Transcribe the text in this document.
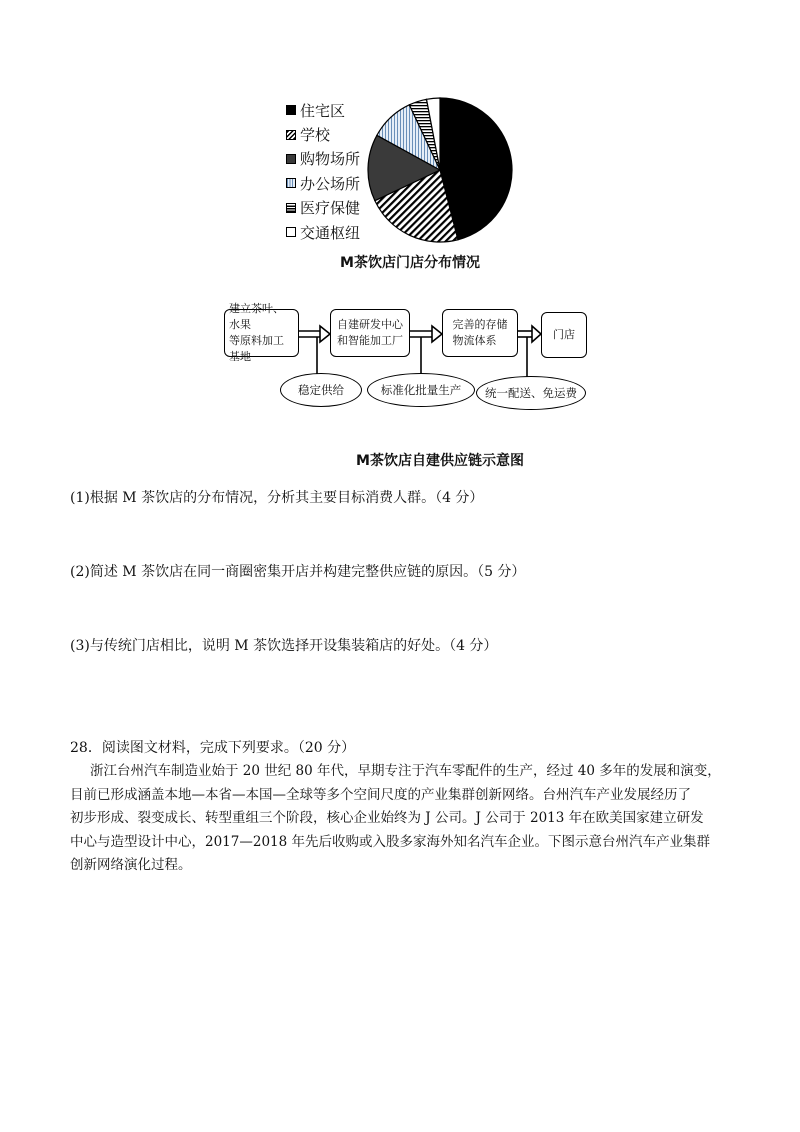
住宅区
学校
购物场所
办公场所
医疗保健
交通枢纽
M茶饮店门店分布情况
建立茶叶、水果
等原料加工基地
自建研发中心
和智能加工厂
完善的存储
物流体系	门店
稳定供给	标准化批量生产 统一配送、免运费
M茶饮店自建供应链示意图
(1)根据 M 茶饮店的分布情况，分析其主要目标消费人群。（4 分）
(2)简述 M 茶饮店在同一商圈密集开店并构建完整供应链的原因。（5 分）
(3)与传统门店相比，说明 M 茶饮选择开设集装箱店的好处。（4 分）
28．阅读图文材料，完成下列要求。（20 分）
浙江台州汽车制造业始于 20 世纪 80 年代，早期专注于汽车零配件的生产，经过 40 多年的发展和演变，
目前已形成涵盖本地—本省—本国—全球等多个空间尺度的产业集群创新网络。台州汽车产业发展经历了
初步形成、裂变成长、转型重组三个阶段，核心企业始终为 J 公司。J 公司于 2013 年在欧美国家建立研发
中心与造型设计中心，2017—2018 年先后收购或入股多家海外知名汽车企业。下图示意台州汽车产业集群
创新网络演化过程。
